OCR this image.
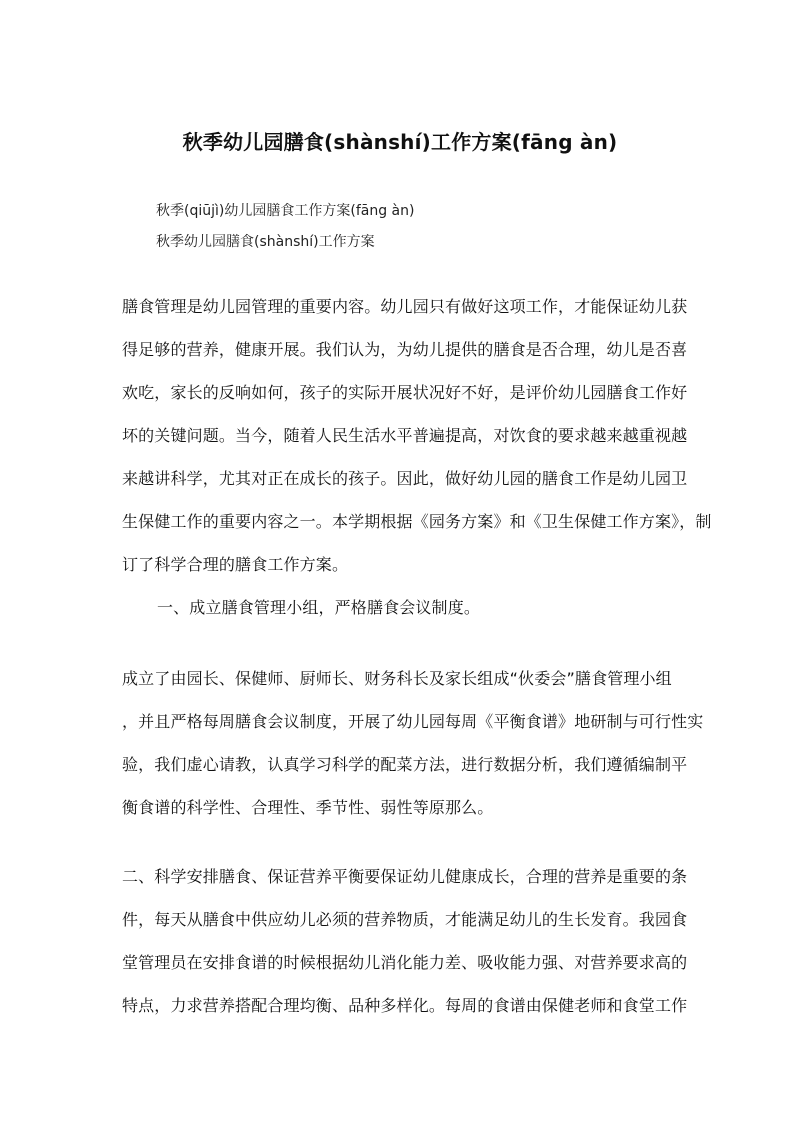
秋季幼儿园膳食(shànshí)工作方案(fāng àn)
秋季(qiūjì)幼儿园膳食工作方案(fāng àn)
秋季幼儿园膳食(shànshí)工作方案
膳食管理是幼儿园管理的重要内容。幼儿园只有做好这项工作，才能保证幼儿获
得足够的营养，健康开展。我们认为，为幼儿提供的膳食是否合理，幼儿是否喜
欢吃，家长的反响如何，孩子的实际开展状况好不好，是评价幼儿园膳食工作好
坏的关键问题。当今，随着人民生活水平普遍提高，对饮食的要求越来越重视越
来越讲科学，尤其对正在成长的孩子。因此，做好幼儿园的膳食工作是幼儿园卫
生保健工作的重要内容之一。本学期根据《园务方案》和《卫生保健工作方案》，制
订了科学合理的膳食工作方案。
一、成立膳食管理小组，严格膳食会议制度。
成立了由园长、保健师、厨师长、财务科长及家长组成“伙委会”膳食管理小组
，并且严格每周膳食会议制度，开展了幼儿园每周《平衡食谱》地研制与可行性实
验，我们虚心请教，认真学习科学的配菜方法，进行数据分析，我们遵循编制平
衡食谱的科学性、合理性、季节性、弱性等原那么。
二、科学安排膳食、保证营养平衡要保证幼儿健康成长，合理的营养是重要的条
件，每天从膳食中供应幼儿必须的营养物质，才能满足幼儿的生长发育。我园食
堂管理员在安排食谱的时候根据幼儿消化能力差、吸收能力强、对营养要求高的
特点，力求营养搭配合理均衡、品种多样化。每周的食谱由保健老师和食堂工作
